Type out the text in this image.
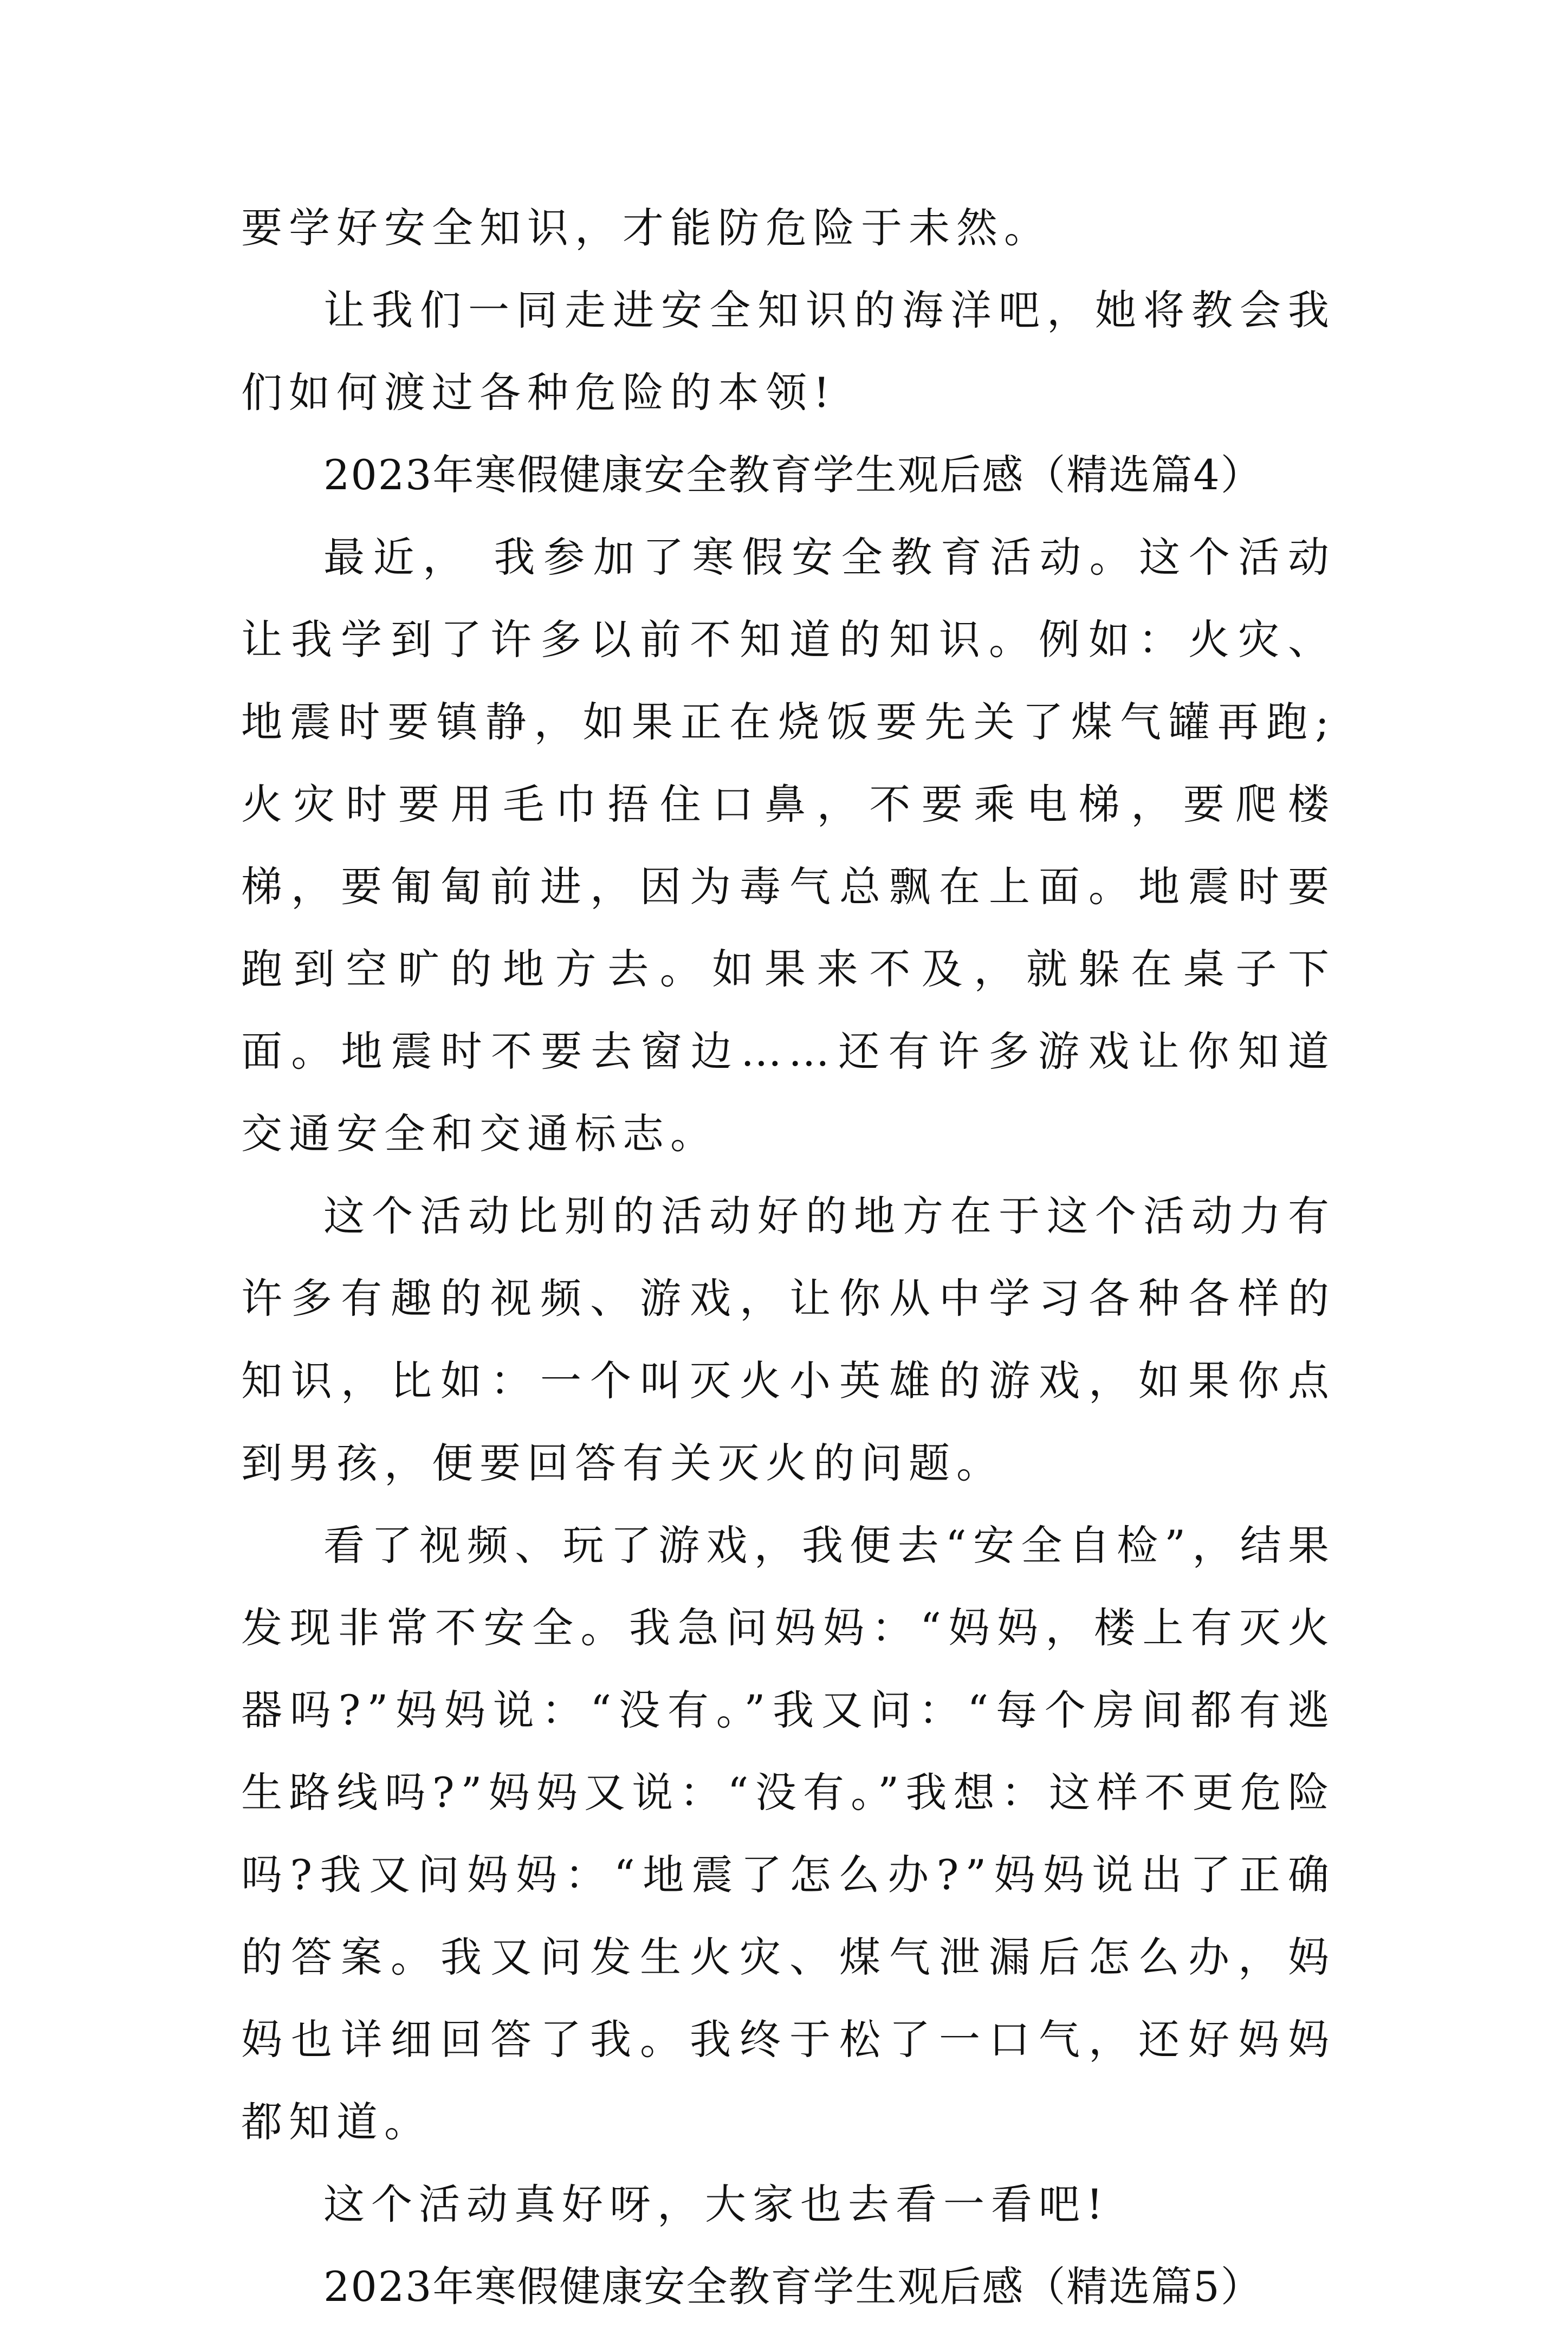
要学好安全知识，才能防危险于未然。

让我们一同走进安全知识的海洋吧，她将教会我们如何渡过各种危险的本领!

2023年寒假健康安全教育学生观后感（精选篇4）

最近， 我参加了寒假安全教育活动。这个活动让我学到了许多以前不知道的知识。例如：火灾、地震时要镇静，如果正在烧饭要先关了煤气罐再跑;火灾时要用毛巾捂住口鼻，不要乘电梯，要爬楼梯，要匍匐前进，因为毒气总飘在上面。地震时要跑到空旷的地方去。如果来不及，就躲在桌子下面。地震时不要去窗边……还有许多游戏让你知道交通安全和交通标志。

这个活动比别的活动好的地方在于这个活动力有许多有趣的视频、游戏，让你从中学习各种各样的知识，比如：一个叫灭火小英雄的游戏，如果你点到男孩，便要回答有关灭火的问题。

看了视频、玩了游戏，我便去“安全自检”，结果发现非常不安全。我急问妈妈：“妈妈，楼上有灭火器吗?”妈妈说：“没有。”我又问：“每个房间都有逃生路线吗?”妈妈又说：“没有。”我想：这样不更危险吗?我又问妈妈：“地震了怎么办?”妈妈说出了正确的答案。我又问发生火灾、煤气泄漏后怎么办，妈妈也详细回答了我。我终于松了一口气，还好妈妈都知道。

这个活动真好呀，大家也去看一看吧!

2023年寒假健康安全教育学生观后感（精选篇5）
